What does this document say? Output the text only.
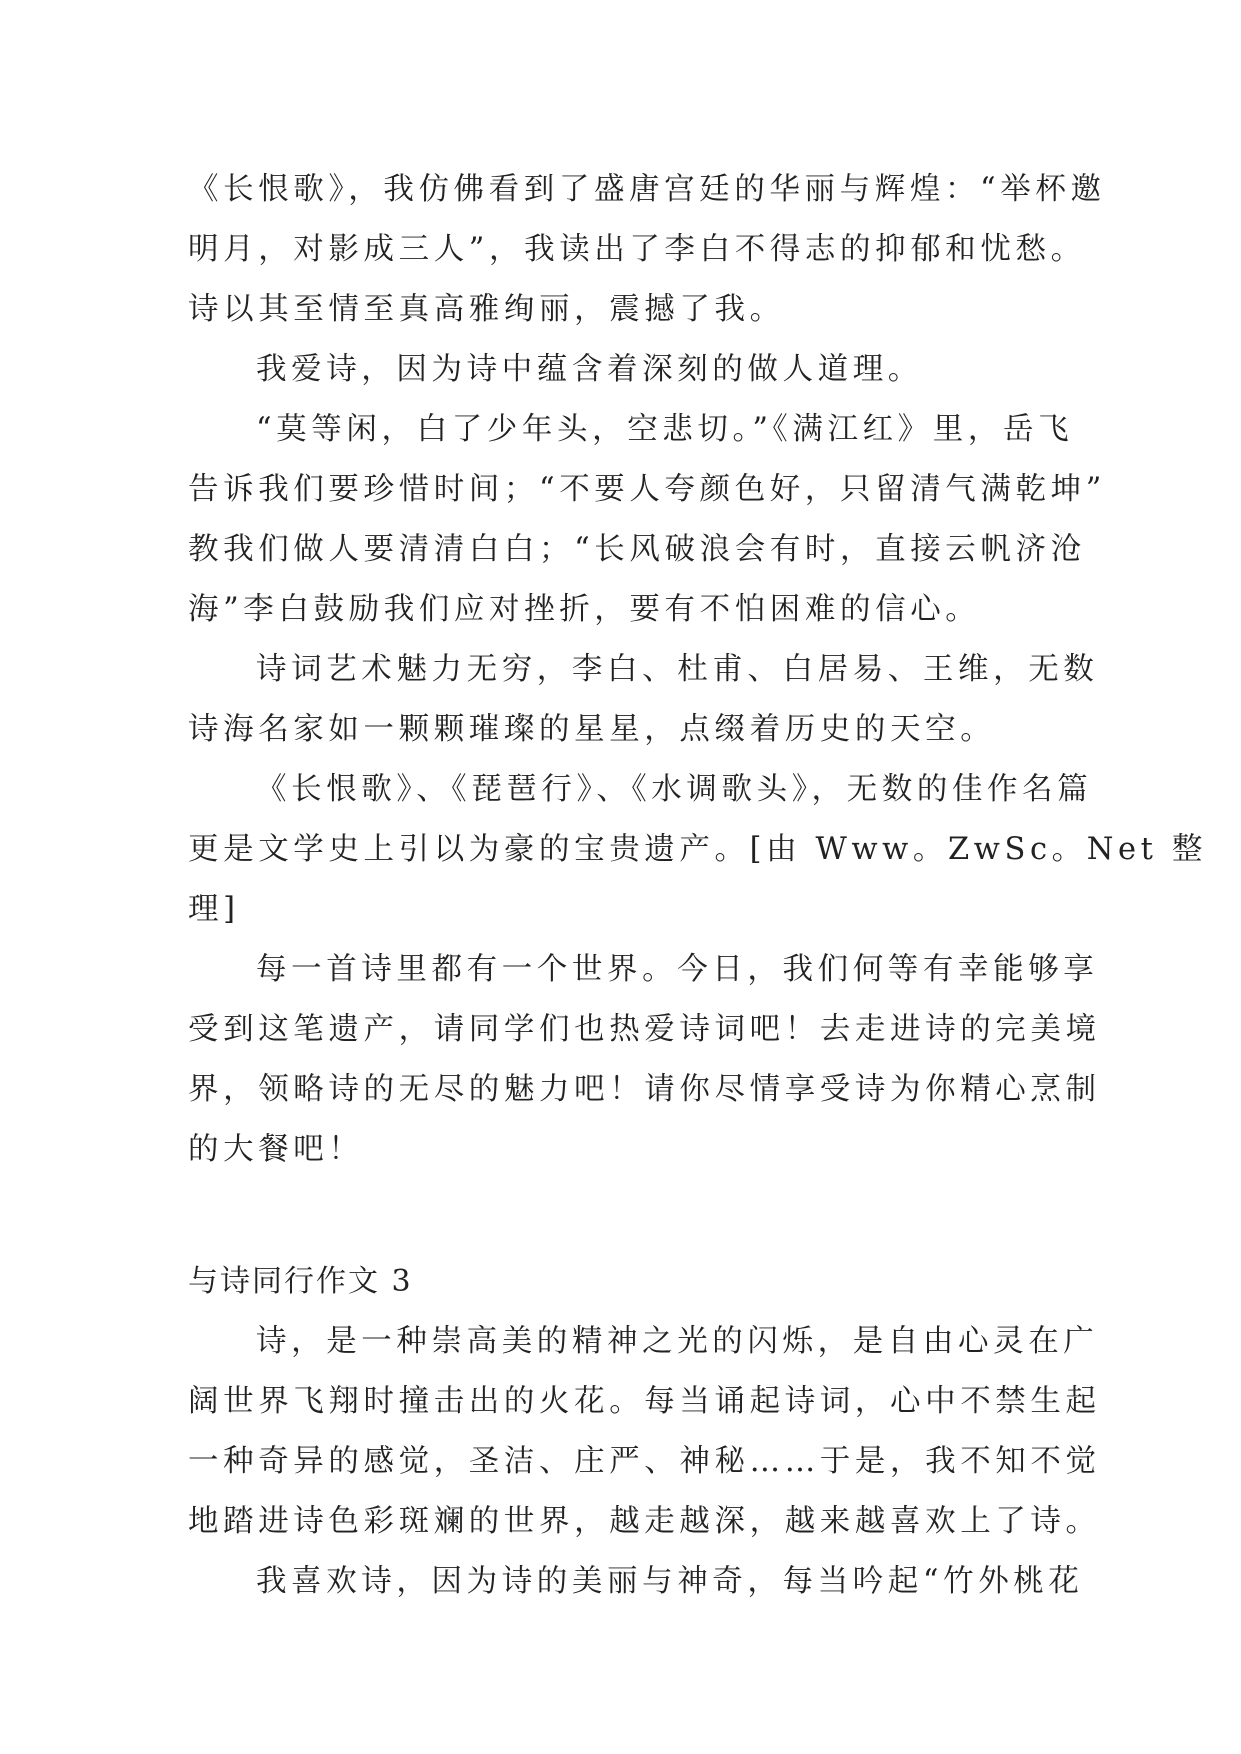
《长恨歌》，我仿佛看到了盛唐宫廷的华丽与辉煌：“举杯邀
明月，对影成三人”，我读出了李白不得志的抑郁和忧愁。
诗以其至情至真高雅绚丽，震撼了我。
我爱诗，因为诗中蕴含着深刻的做人道理。
“莫等闲，白了少年头，空悲切。”《满江红》里，岳飞
告诉我们要珍惜时间；“不要人夸颜色好，只留清气满乾坤”
教我们做人要清清白白；“长风破浪会有时，直接云帆济沧
海”李白鼓励我们应对挫折，要有不怕困难的信心。
诗词艺术魅力无穷，李白、杜甫、白居易、王维，无数
诗海名家如一颗颗璀璨的星星，点缀着历史的天空。
《长恨歌》、《琵琶行》、《水调歌头》，无数的佳作名篇
更是文学史上引以为豪的宝贵遗产。[由 Www。ZwSc。Net 整
理]
每一首诗里都有一个世界。今日，我们何等有幸能够享
受到这笔遗产，请同学们也热爱诗词吧！去走进诗的完美境
界，领略诗的无尽的魅力吧！请你尽情享受诗为你精心烹制
的大餐吧！
与诗同行作文 3
诗，是一种崇高美的精神之光的闪烁，是自由心灵在广
阔世界飞翔时撞击出的火花。每当诵起诗词，心中不禁生起
一种奇异的感觉，圣洁、庄严、神秘……于是，我不知不觉
地踏进诗色彩斑斓的世界，越走越深，越来越喜欢上了诗。
我喜欢诗，因为诗的美丽与神奇，每当吟起“竹外桃花
